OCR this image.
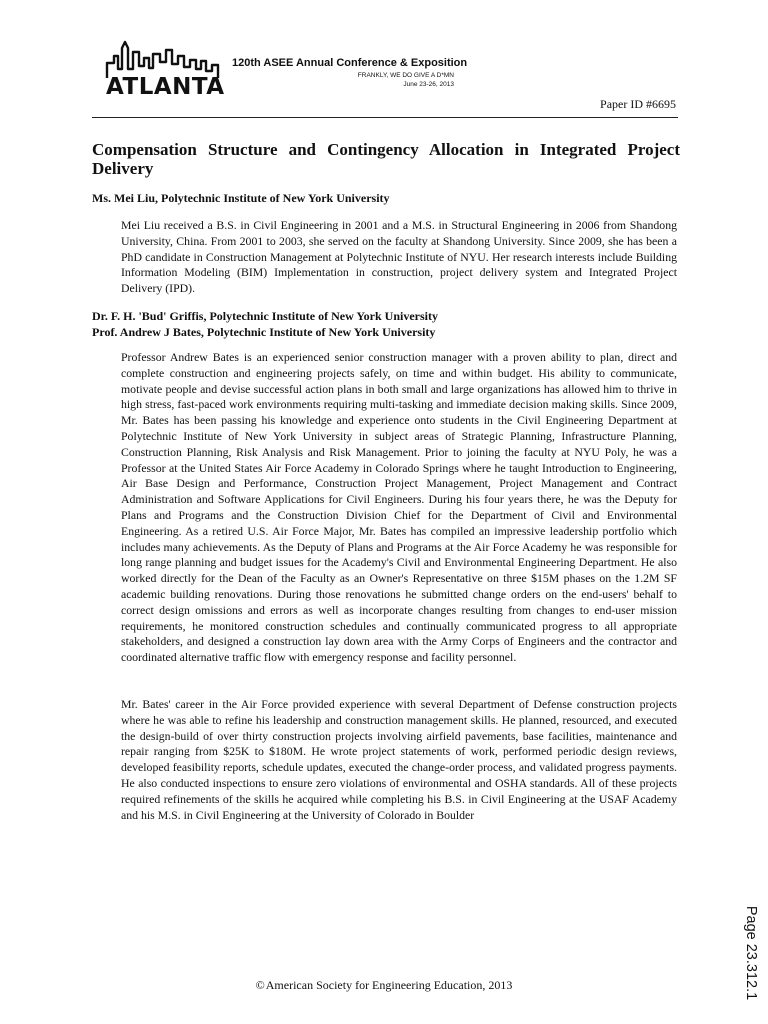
ATLANTA
120th ASEE Annual Conference & Exposition
FRANKLY, WE DO GIVE A D*MN
June 23-26, 2013
Paper ID #6695
Compensation Structure and Contingency Allocation in Integrated Project Delivery
Ms. Mei Liu, Polytechnic Institute of New York University

Mei Liu received a B.S. in Civil Engineering in 2001 and a M.S. in Structural Engineering in 2006 from Shandong University, China. From 2001 to 2003, she served on the faculty at Shandong University. Since 2009, she has been a PhD candidate in Construction Management at Polytechnic Institute of NYU. Her research interests include Building Information Modeling (BIM) Implementation in construction, project delivery system and Integrated Project Delivery (IPD).

Dr. F. H. 'Bud' Griffis, Polytechnic Institute of New York University
Prof. Andrew J Bates, Polytechnic Institute of New York University

Professor Andrew Bates is an experienced senior construction manager with a proven ability to plan, direct and complete construction and engineering projects safely, on time and within budget. His ability to communicate, motivate people and devise successful action plans in both small and large organizations has allowed him to thrive in high stress, fast-paced work environments requiring multi-tasking and immediate decision making skills. Since 2009, Mr. Bates has been passing his knowledge and experience onto students in the Civil Engineering Department at Polytechnic Institute of New York University in subject areas of Strategic Planning, Infrastructure Planning, Construction Planning, Risk Analysis and Risk Management. Prior to joining the faculty at NYU Poly, he was a Professor at the United States Air Force Academy in Colorado Springs where he taught Introduction to Engineering, Air Base Design and Performance, Construction Project Management, Project Management and Contract Administration and Software Applications for Civil Engineers. During his four years there, he was the Deputy for Plans and Programs and the Construction Division Chief for the Department of Civil and Environmental Engineering. As a retired U.S. Air Force Major, Mr. Bates has compiled an impressive leadership portfolio which includes many achievements. As the Deputy of Plans and Programs at the Air Force Academy he was responsible for long range planning and budget issues for the Academy's Civil and Environmental Engineering Department. He also worked directly for the Dean of the Faculty as an Owner's Representative on three $15M phases on the 1.2M SF academic building renovations. During those renovations he submitted change orders on the end-users' behalf to correct design omissions and errors as well as incorporate changes resulting from changes to end-user mission requirements, he monitored construction schedules and continually communicated progress to all appropriate stakeholders, and designed a construction lay down area with the Army Corps of Engineers and the contractor and coordinated alternative traffic flow with emergency response and facility personnel.

Mr. Bates' career in the Air Force provided experience with several Department of Defense construction projects where he was able to refine his leadership and construction management skills. He planned, resourced, and executed the design-build of over thirty construction projects involving airfield pavements, base facilities, maintenance and repair ranging from $25K to $180M. He wrote project statements of work, performed periodic design reviews, developed feasibility reports, schedule updates, executed the change-order process, and validated progress payments. He also conducted inspections to ensure zero violations of environmental and OSHA standards. All of these projects required refinements of the skills he acquired while completing his B.S. in Civil Engineering at the USAF Academy and his M.S. in Civil Engineering at the University of Colorado in Boulder

©American Society for Engineering Education, 2013	Page 23.312.1
